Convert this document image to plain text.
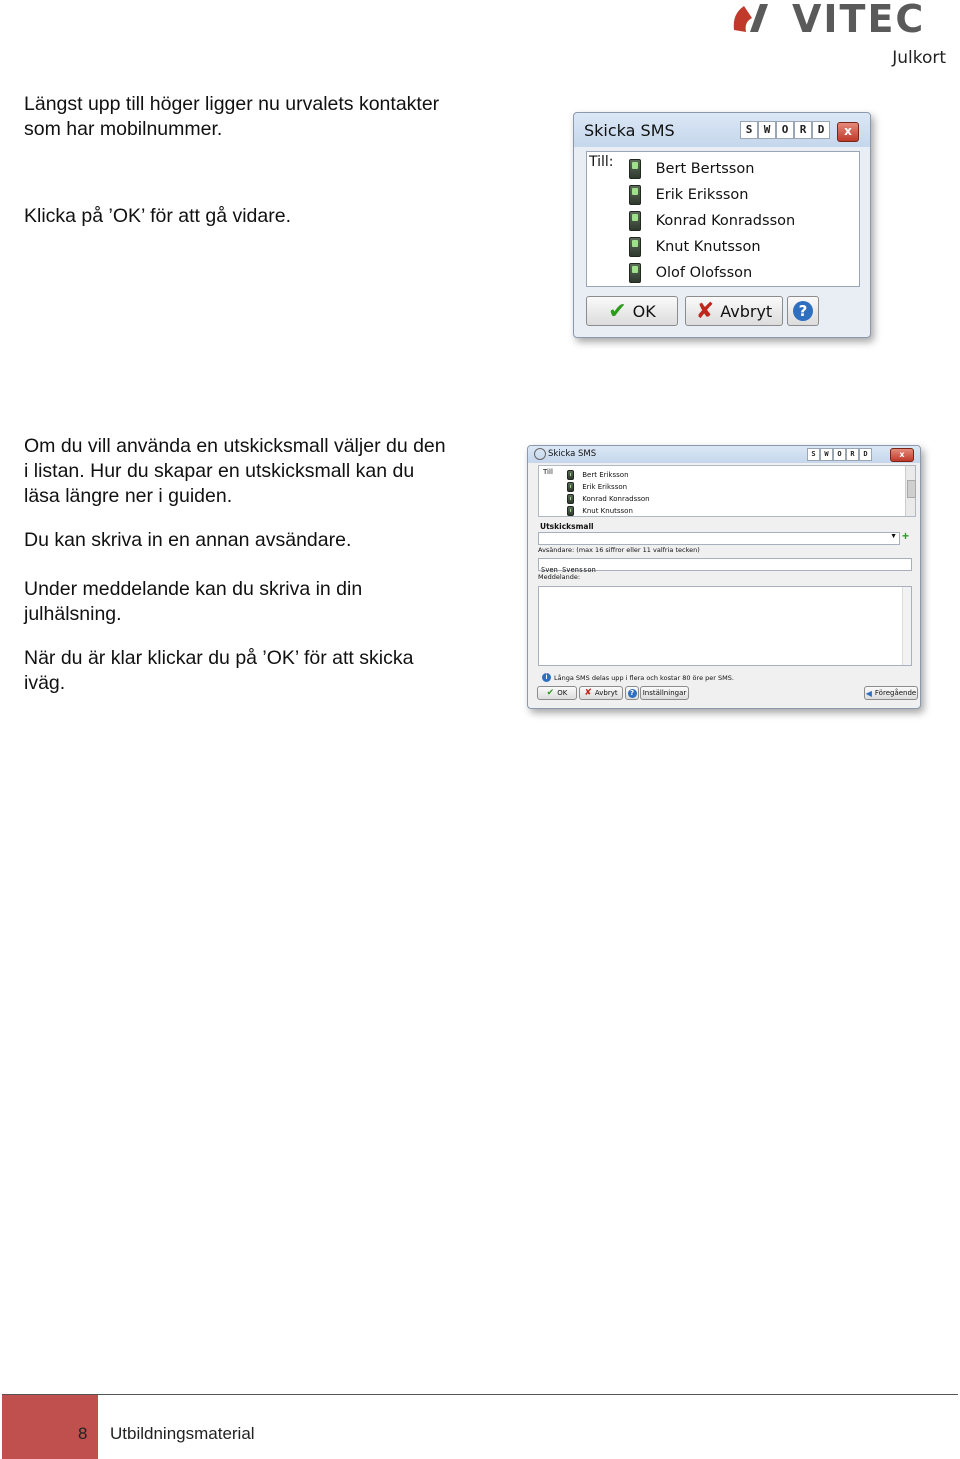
VITEC
Julkort

Längst upp till höger ligger nu urvalets kontakter

som har mobilnummer.

Klicka på ’OK’ för att gå vidare.

Om du vill använda en utskicksmall väljer du den

i listan. Hur du skapar en utskicksmall kan du

läsa längre ner i guiden.

Du kan skriva in en annan avsändare.

Under meddelande kan du skriva in din

julhälsning.

När du är klar klickar du på ’OK’ för att skicka

iväg.

Skicka SMS	S	W	O	R	D	x
Till:	Bert Bertsson
Erik Eriksson
Konrad Konradsson
Knut Knutsson
Olof Olofsson
✔ OK ✘ Avbryt	?
Skicka SMS	S	W	O	R	D	x
Till	Bert Eriksson
Erik Eriksson
Konrad Konradsson
Knut Knutsson
Utskicksmall
▼ +
Avsändare: (max 16 siffror eller 11 valfria tecken)
Sven Svensson
Meddelande:
i	Långa SMS delas upp i flera och kostar 80 öre per SMS.
✔ OK ✘ Avbryt	?	Inställningar	◀ Föregående
8 Utbildningsmaterial
